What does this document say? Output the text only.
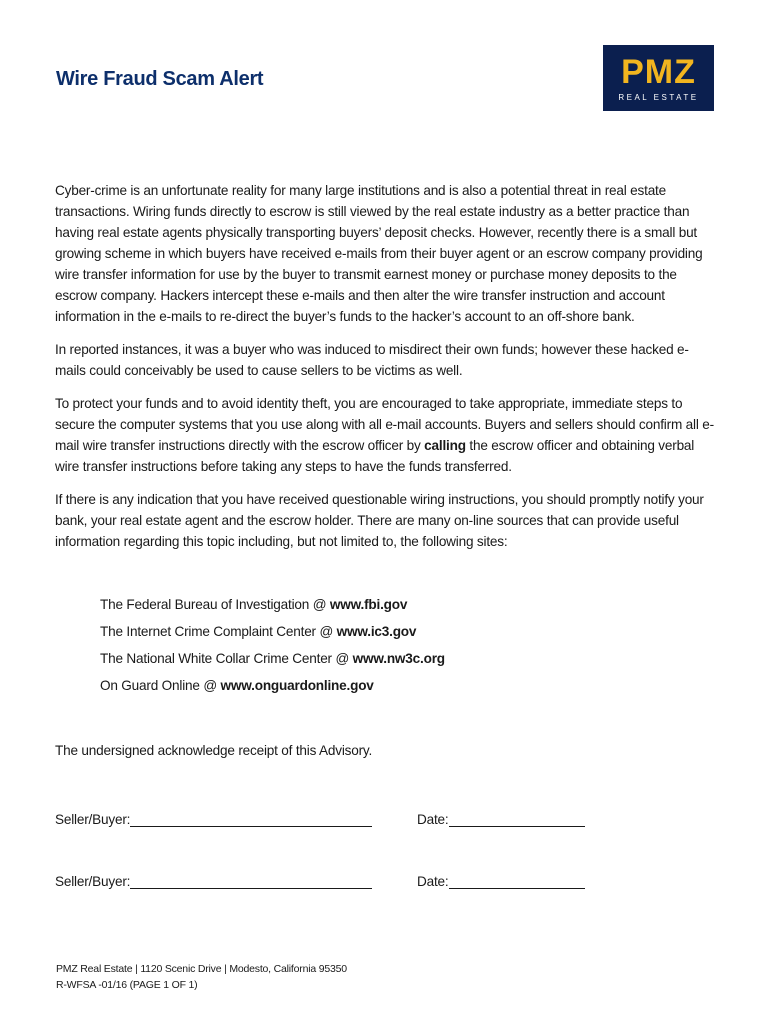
Wire Fraud Scam Alert	PMZ
REAL ESTATE

Cyber-crime is an unfortunate reality for many large institutions and is also a potential threat in real estate transactions. Wiring funds directly to escrow is still viewed by the real estate industry as a better practice than having real estate agents physically transporting buyers’ deposit checks. However, recently there is a small but growing scheme in which buyers have received e-mails from their buyer agent or an escrow company providing wire transfer information for use by the buyer to transmit earnest money or purchase money deposits to the escrow company. Hackers intercept these e-mails and then alter the wire transfer instruction and account information in the e-mails to re-direct the buyer’s funds to the hacker’s account to an off-shore bank.

In reported instances, it was a buyer who was induced to misdirect their own funds; however these hacked e-mails could conceivably be used to cause sellers to be victims as well.

To protect your funds and to avoid identity theft, you are encouraged to take appropriate, immediate steps to secure the computer systems that you use along with all e-mail accounts. Buyers and sellers should confirm all e-mail wire transfer instructions directly with the escrow officer by calling the escrow officer and obtaining verbal wire transfer instructions before taking any steps to have the funds transferred.

If there is any indication that you have received questionable wiring instructions, you should promptly notify your bank, your real estate agent and the escrow holder. There are many on-line sources that can provide useful information regarding this topic including, but not limited to, the following sites:

The Federal Bureau of Investigation @ www.fbi.gov
The Internet Crime Complaint Center @ www.ic3.gov
The National White Collar Crime Center @ www.nw3c.org
On Guard Online @ www.onguardonline.gov
The undersigned acknowledge receipt of this Advisory.
Seller/Buyer:	Date:
Seller/Buyer:	Date:
PMZ Real Estate | 1120 Scenic Drive | Modesto, California 95350
R-WFSA -01/16 (PAGE 1 OF 1)
